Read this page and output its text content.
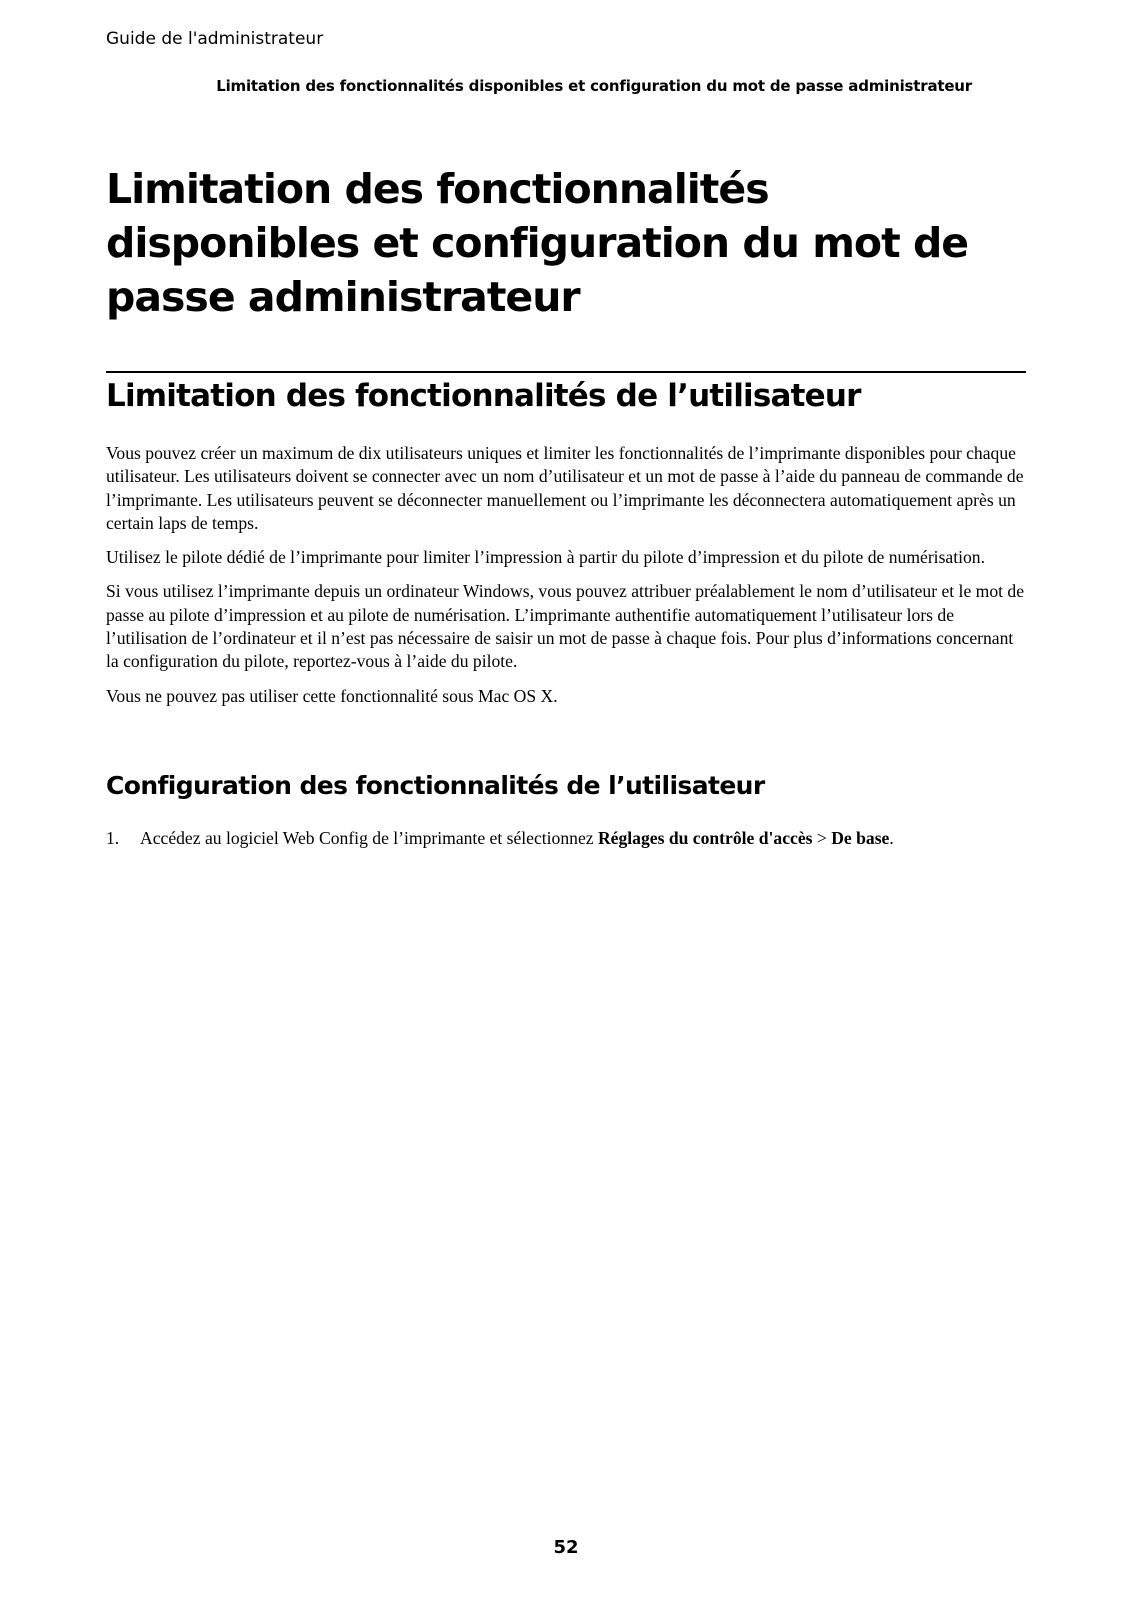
Guide de l'administrateur
Limitation des fonctionnalités disponibles et configuration du mot de passe administrateur
Limitation des fonctionnalités disponibles et configuration du mot de passe administrateur
Limitation des fonctionnalités de l’utilisateur

Vous pouvez créer un maximum de dix utilisateurs uniques et limiter les fonctionnalités de l’imprimante disponibles pour chaque utilisateur. Les utilisateurs doivent se connecter avec un nom d’utilisateur et un mot de passe à l’aide du panneau de commande de l’imprimante. Les utilisateurs peuvent se déconnecter manuellement ou l’imprimante les déconnectera automatiquement après un certain laps de temps.

Utilisez le pilote dédié de l’imprimante pour limiter l’impression à partir du pilote d’impression et du pilote de numérisation.

Si vous utilisez l’imprimante depuis un ordinateur Windows, vous pouvez attribuer préalablement le nom d’utilisateur et le mot de passe au pilote d’impression et au pilote de numérisation. L’imprimante authentifie automatiquement l’utilisateur lors de l’utilisation de l’ordinateur et il n’est pas nécessaire de saisir un mot de passe à chaque fois. Pour plus d’informations concernant la configuration du pilote, reportez-vous à l’aide du pilote.

Vous ne pouvez pas utiliser cette fonctionnalité sous Mac OS X.

Configuration des fonctionnalités de l’utilisateur
1.	Accédez au logiciel Web Config de l’imprimante et sélectionnez Réglages du contrôle d'accès > De base.
52
